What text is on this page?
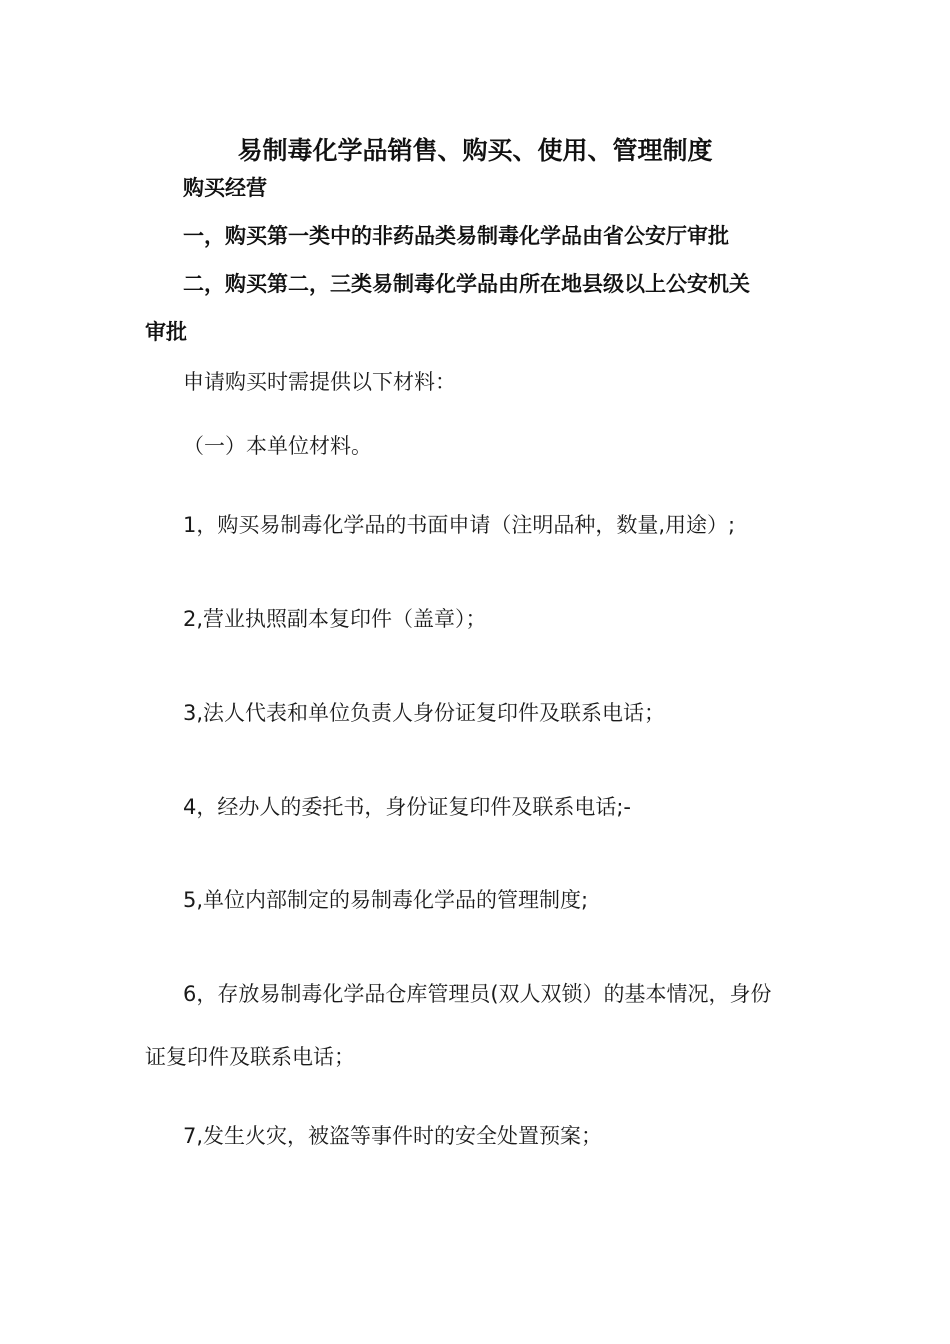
易制毒化学品销售、购买、使用、管理制度
购买经营
一，购买第一类中的非药品类易制毒化学品由省公安厅审批
二，购买第二，三类易制毒化学品由所在地县级以上公安机关
审批
申请购买时需提供以下材料：
（一）本单位材料。
1，购买易制毒化学品的书面申请（注明品种，数量,用途）;
2,营业执照副本复印件（盖章）；
3,法人代表和单位负责人身份证复印件及联系电话；
4，经办人的委托书，身份证复印件及联系电话;-
5,单位内部制定的易制毒化学品的管理制度;
6，存放易制毒化学品仓库管理员(双人双锁）的基本情况，身份
证复印件及联系电话；
7,发生火灾，被盗等事件时的安全处置预案；
